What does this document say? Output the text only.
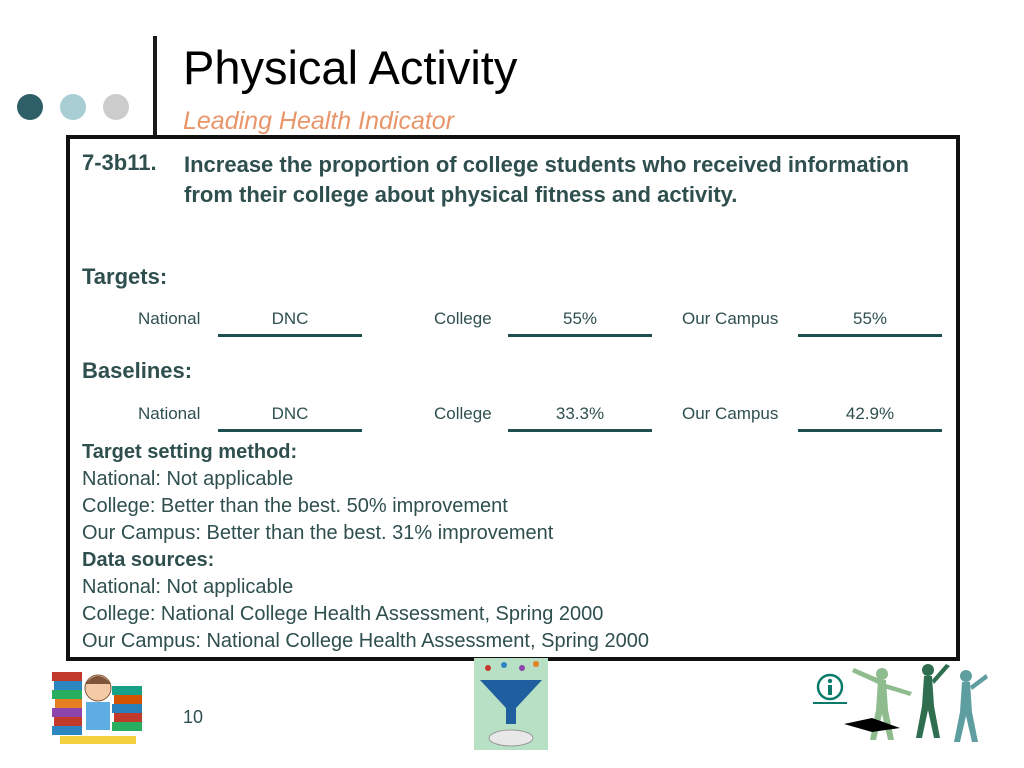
Physical Activity
Leading Health Indicator
7-3b11. Increase the proportion of college students who received information from their college about physical fitness and activity.
Targets:
National	DNC	College	55%	Our Campus	55%
Baselines:
National	DNC	College	33.3%	Our Campus	42.9%
Target setting method:
National: Not applicable
College: Better than the best. 50% improvement
Our Campus: Better than the best. 31% improvement
Data sources:
National: Not applicable
College: National College Health Assessment, Spring 2000
Our Campus: National College Health Assessment, Spring 2000
10
